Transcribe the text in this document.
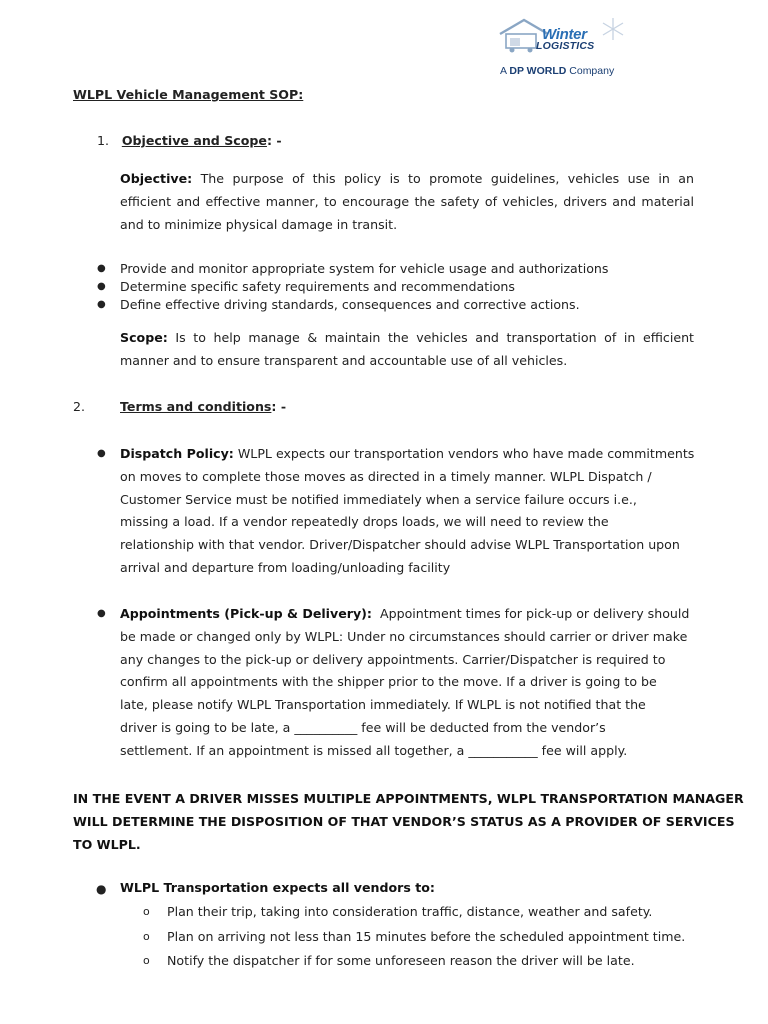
Winter
LOGISTICS
A DP WORLD Company
WLPL Vehicle Management SOP:
1. Objective and Scope: -
Objective: The purpose of this policy is to promote guidelines, vehicles use in an
efficient and effective manner, to encourage the safety of vehicles, drivers and material
and to minimize physical damage in transit.
● Provide and monitor appropriate system for vehicle usage and authorizations
● Determine specific safety requirements and recommendations
● Define effective driving standards, consequences and corrective actions.
Scope: Is to help manage & maintain the vehicles and transportation of in efficient
manner and to ensure transparent and accountable use of all vehicles.
2.	Terms and conditions: -
● Dispatch Policy: WLPL expects our transportation vendors who have made commitments
on moves to complete those moves as directed in a timely manner. WLPL Dispatch /
Customer Service must be notified immediately when a service failure occurs i.e.,
missing a load. If a vendor repeatedly drops loads, we will need to review the
relationship with that vendor. Driver/Dispatcher should advise WLPL Transportation upon
arrival and departure from loading/unloading facility
● Appointments (Pick-up & Delivery): Appointment times for pick-up or delivery should
be made or changed only by WLPL: Under no circumstances should carrier or driver make
any changes to the pick-up or delivery appointments. Carrier/Dispatcher is required to
confirm all appointments with the shipper prior to the move. If a driver is going to be
late, please notify WLPL Transportation immediately. If WLPL is not notified that the
driver is going to be late, a __________ fee will be deducted from the vendor’s
settlement. If an appointment is missed all together, a ___________ fee will apply.
IN THE EVENT A DRIVER MISSES MULTIPLE APPOINTMENTS, WLPL TRANSPORTATION MANAGER
WILL DETERMINE THE DISPOSITION OF THAT VENDOR’S STATUS AS A PROVIDER OF SERVICES
TO WLPL.
● WLPL Transportation expects all vendors to:
o Plan their trip, taking into consideration traffic, distance, weather and safety.
o Plan on arriving not less than 15 minutes before the scheduled appointment time.
o Notify the dispatcher if for some unforeseen reason the driver will be late.
